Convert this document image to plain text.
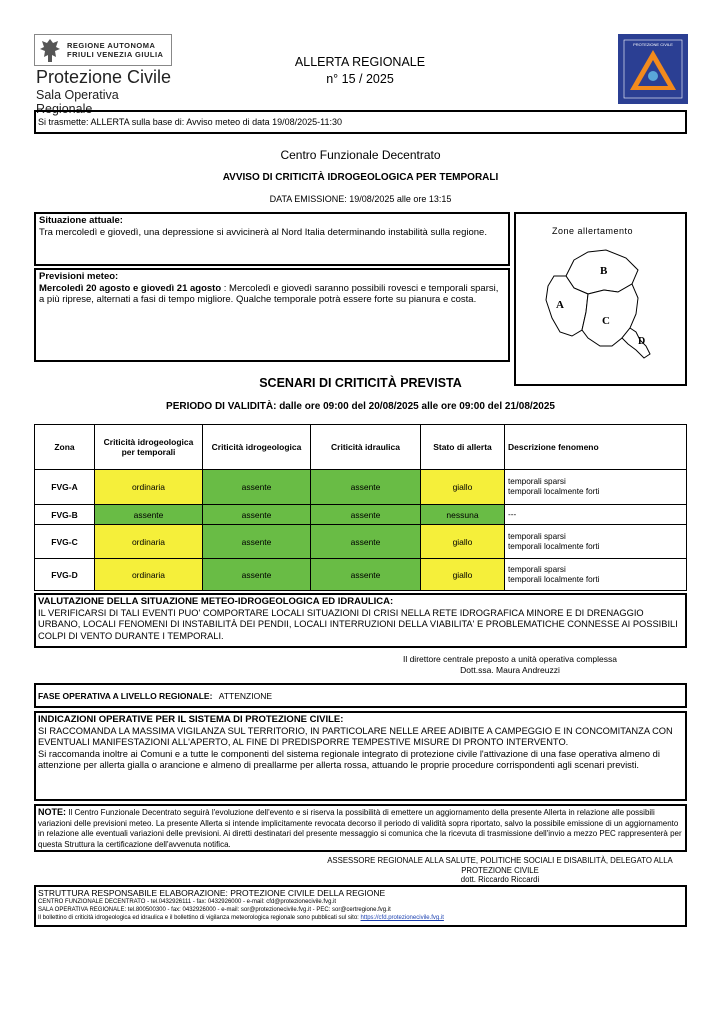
REGIONE AUTONOMA
FRIULI VENEZIA GIULIA
Protezione Civile
Sala Operativa Regionale
ALLERTA REGIONALE
n° 15 / 2025
PROTEZIONE CIVILE
Si trasmette: ALLERTA sulla base di: Avviso meteo di data 19/08/2025-11:30
Centro Funzionale Decentrato
AVVISO DI CRITICITÀ IDROGEOLOGICA PER TEMPORALI
DATA EMISSIONE: 19/08/2025 alle ore 13:15
Situazione attuale:
Tra mercoledì e giovedì, una depressione si avvicinerà al Nord Italia determinando instabilità sulla regione.
Previsioni meteo:
Mercoledì 20 agosto e giovedì 21 agosto : Mercoledì e giovedì saranno possibili rovesci e temporali sparsi, a più riprese, alternati a fasi di tempo migliore. Qualche temporale potrà essere forte su pianura e costa.
Zone allertamento
B
A
C
D
SCENARI DI CRITICITÀ PREVISTA
PERIODO DI VALIDITÀ: dalle ore 09:00 del 20/08/2025 alle ore 09:00 del 21/08/2025
Zona	Criticità idrogeologica per temporali	Criticità idrogeologica	Criticità idraulica	Stato di allerta	Descrizione fenomeno
FVG-A	ordinaria	assente	assente	giallo	temporali sparsi
temporali localmente forti

FVG-B	assente	assente	assente	nessuna	---

FVG-C	ordinaria	assente	assente	giallo	temporali sparsi
temporali localmente forti

FVG-D	ordinaria	assente	assente	giallo	temporali sparsi
temporali localmente forti
VALUTAZIONE DELLA SITUAZIONE METEO-IDROGEOLOGICA ED IDRAULICA:
IL VERIFICARSI DI TALI EVENTI PUO' COMPORTARE LOCALI SITUAZIONI DI CRISI NELLA RETE IDROGRAFICA MINORE E DI DRENAGGIO URBANO, LOCALI FENOMENI DI INSTABILITÀ DEI PENDII, LOCALI INTERRUZIONI DELLA VIABILITA' E PROBLEMATICHE CONNESSE AI POSSIBILI COLPI DI VENTO DURANTE I TEMPORALI.
Il direttore centrale preposto a unità operativa complessa
Dott.ssa. Maura Andreuzzi
FASE OPERATIVA A LIVELLO REGIONALE: ATTENZIONE
INDICAZIONI OPERATIVE PER IL SISTEMA DI PROTEZIONE CIVILE:
SI RACCOMANDA LA MASSIMA VIGILANZA SUL TERRITORIO, IN PARTICOLARE NELLE AREE ADIBITE A CAMPEGGIO E IN CONCOMITANZA CON EVENTUALI MANIFESTAZIONI ALL'APERTO, AL FINE DI PREDISPORRE TEMPESTIVE MISURE DI PRONTO INTERVENTO.
Si raccomanda inoltre ai Comuni e a tutte le componenti del sistema regionale integrato di protezione civile l'attivazione di una fase operativa almeno di attenzione per allerta gialla o arancione e almeno di preallarme per allerta rossa, attuando le proprie procedure corrispondenti agli scenari previsti.
NOTE: Il Centro Funzionale Decentrato seguirà l'evoluzione dell'evento e si riserva la possibilità di emettere un aggiornamento della presente Allerta in relazione alle possibili variazioni delle previsioni meteo. La presente Allerta si intende implicitamente revocata decorso il periodo di validità sopra riportato, salvo la possibile emissione di un aggiornamento in relazione alle eventuali variazioni delle previsioni. Ai diretti destinatari del presente messaggio si comunica che la ricevuta di trasmissione dell'invio a mezzo PEC rappresenterà per questa Struttura la certificazione dell'avvenuta notifica.
ASSESSORE REGIONALE ALLA SALUTE, POLITICHE SOCIALI E DISABILITÀ, DELEGATO ALLA
PROTEZIONE CIVILE
dott. Riccardo Riccardi
STRUTTURA RESPONSABILE ELABORAZIONE: PROTEZIONE CIVILE DELLA REGIONE
CENTRO FUNZIONALE DECENTRATO - tel.0432926111 - fax: 0432926000 - e-mail: cfd@protezionecivile.fvg.it
SALA OPERATIVA REGIONALE: tel.800500300 - fax: 0432926000 - e-mail: sor@protezionecivile.fvg.it - PEC: sor@certregione.fvg.it
Il bollettino di criticità idrogeologica ed idraulica e il bollettino di vigilanza meteorologica regionale sono pubblicati sul sito: https://cfd.protezionecivile.fvg.it
